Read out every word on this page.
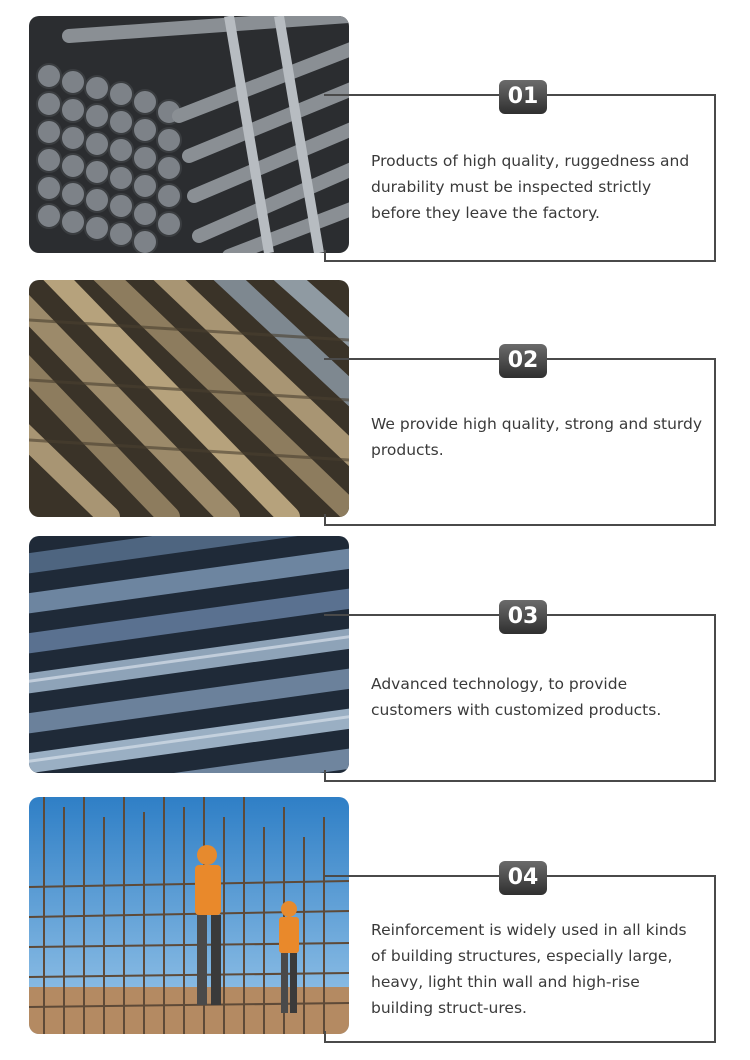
01
Products of high quality, ruggedness and durability must be inspected strictly before they leave the factory.
02
We provide high quality, strong and sturdy products.
03
Advanced technology, to provide customers with customized products.
04
Reinforcement is widely used in all kinds of building structures, especially large, heavy, light thin wall and high-rise building struct-ures.
